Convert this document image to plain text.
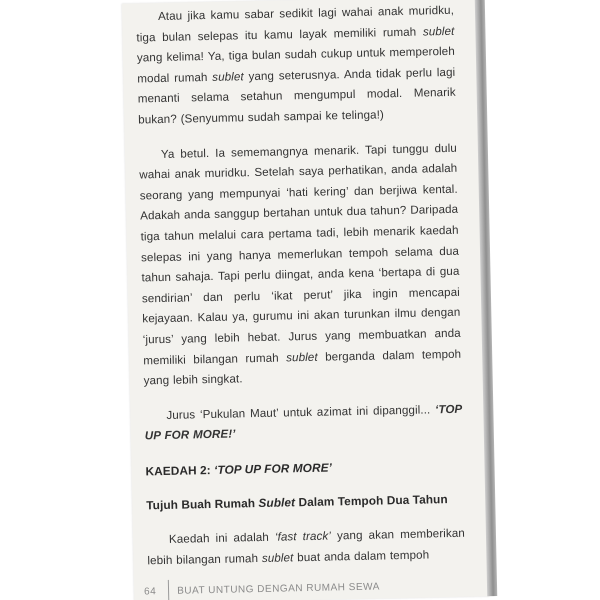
Atau jika kamu sabar sedikit lagi wahai anak muridku, tiga bulan selepas itu kamu layak memiliki rumah sublet yang kelima! Ya, tiga bulan sudah cukup untuk memperoleh modal rumah sublet yang seterusnya. Anda tidak perlu lagi menanti selama setahun mengumpul modal. Menarik bukan? (Senyummu sudah sampai ke telinga!)

Ya betul. Ia sememangnya menarik. Tapi tunggu dulu wahai anak muridku. Setelah saya perhatikan, anda adalah seorang yang mempunyai ‘hati kering’ dan berjiwa kental. Adakah anda sanggup bertahan untuk dua tahun? Daripada tiga tahun melalui cara pertama tadi, lebih menarik kaedah selepas ini yang hanya memerlukan tempoh selama dua tahun sahaja. Tapi perlu diingat, anda kena ‘bertapa di gua sendirian’ dan perlu ‘ikat perut’ jika ingin mencapai kejayaan. Kalau ya, gurumu ini akan turunkan ilmu dengan ‘jurus’ yang lebih hebat. Jurus yang membuatkan anda memiliki bilangan rumah sublet berganda dalam tempoh yang lebih singkat.

Jurus ‘Pukulan Maut’ untuk azimat ini dipanggil... ‘TOP UP FOR MORE!’

KAEDAH 2: ‘TOP UP FOR MORE’

Tujuh Buah Rumah Sublet Dalam Tempoh Dua Tahun

Kaedah ini adalah ‘fast track’ yang akan memberikan lebih bilangan rumah sublet buat anda dalam tempoh

64 BUAT UNTUNG DENGAN RUMAH SEWA
